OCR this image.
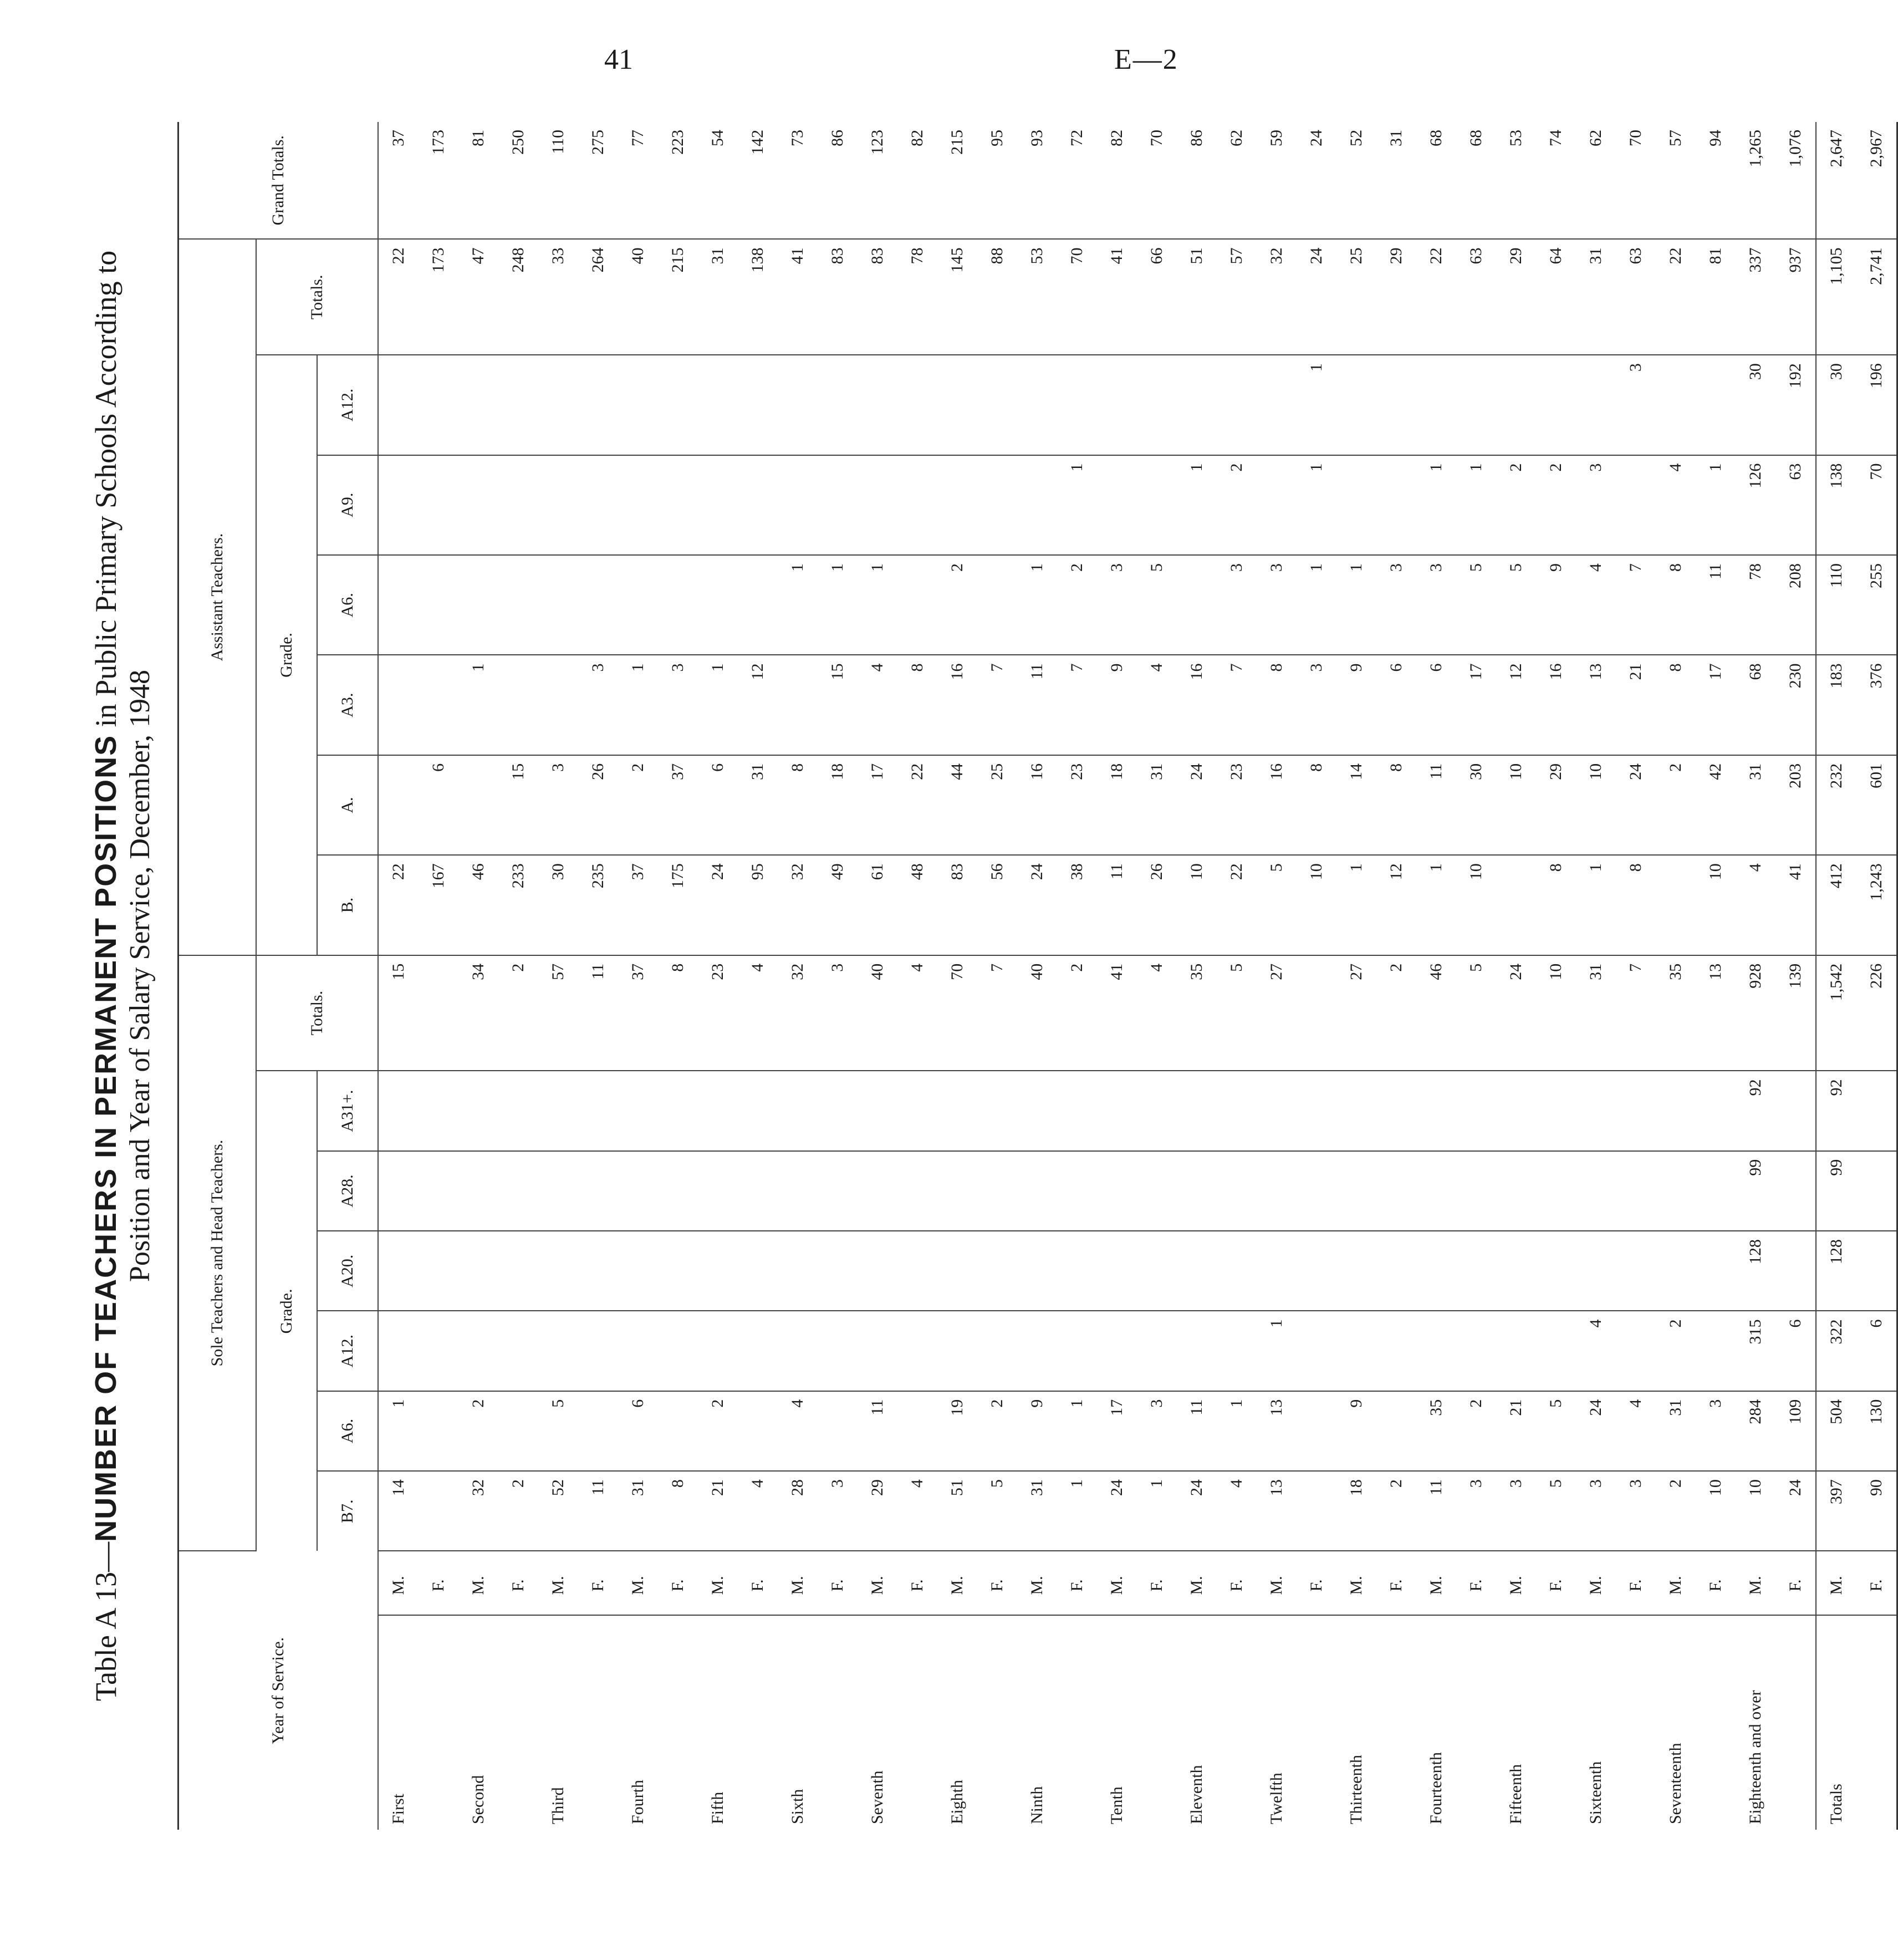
41	E—2
Table A 13—NUMBER OF TEACHERS IN PERMANENT POSITIONS in Public Primary Schools According to
Position and Year of Salary Service, December, 1948
Year of Service.		Sole Teachers and Head Teachers.							Assistant Teachers.							Grand Totals.
		Grade.						Totals.	Grade.						Totals.	
		B7.	A6.	A12.	A20.	A28.	A31+.		B.	A.	A3.	A6.	A9.	A12.		
First	M.	14	1					15	22						22	37
	F.								167	6					173	173
Second	M.	32	2					34	46		1				47	81
	F.	2						2	233	15					248	250
Third	M.	52	5					57	30	3					33	110
	F.	11						11	235	26	3				264	275
Fourth	M.	31	6					37	37	2	1				40	77
	F.	8						8	175	37	3				215	223
Fifth	M.	21	2					23	24	6	1				31	54
	F.	4						4	95	31	12				138	142
Sixth	M.	28	4					32	32	8		1			41	73
	F.	3						3	49	18	15	1			83	86
Seventh	M.	29	11					40	61	17	4	1			83	123
	F.	4						4	48	22	8				78	82
Eighth	M.	51	19					70	83	44	16	2			145	215
	F.	5	2					7	56	25	7				88	95
Ninth	M.	31	9					40	24	16	11	1			53	93
	F.	1	1					2	38	23	7	2	1		70	72
Tenth	M.	24	17					41	11	18	9	3			41	82
	F.	1	3					4	26	31	4	5			66	70
Eleventh	M.	24	11					35	10	24	16		1		51	86
	F.	4	1					5	22	23	7	3	2		57	62
Twelfth	M.	13	13	1				27	5	16	8	3			32	59
	F.								10	8	3	1	1	1	24	24
Thirteenth	M.	18	9					27	1	14	9	1			25	52
	F.	2						2	12	8	6	3			29	31
Fourteenth	M.	11	35					46	1	11	6	3	1		22	68
	F.	3	2					5	10	30	17	5	1		63	68
Fifteenth	M.	3	21					24		10	12	5	2		29	53
	F.	5	5					10	8	29	16	9	2		64	74
Sixteenth	M.	3	24	4				31	1	10	13	4	3		31	62
	F.	3	4					7	8	24	21	7		3	63	70
Seventeenth	M.	2	31	2				35		2	8	8	4		22	57
	F.	10	3					13	10	42	17	11	1		81	94
Eighteenth and over	M.	10	284	315	128	99	92	928	4	31	68	78	126	30	337	1,265
	F.	24	109	6				139	41	203	230	208	63	192	937	1,076
Totals	M.	397	504	322	128	99	92	1,542	412	232	183	110	138	30	1,105	2,647
	F.	90	130	6				226	1,243	601	376	255	70	196	2,741	2,967
